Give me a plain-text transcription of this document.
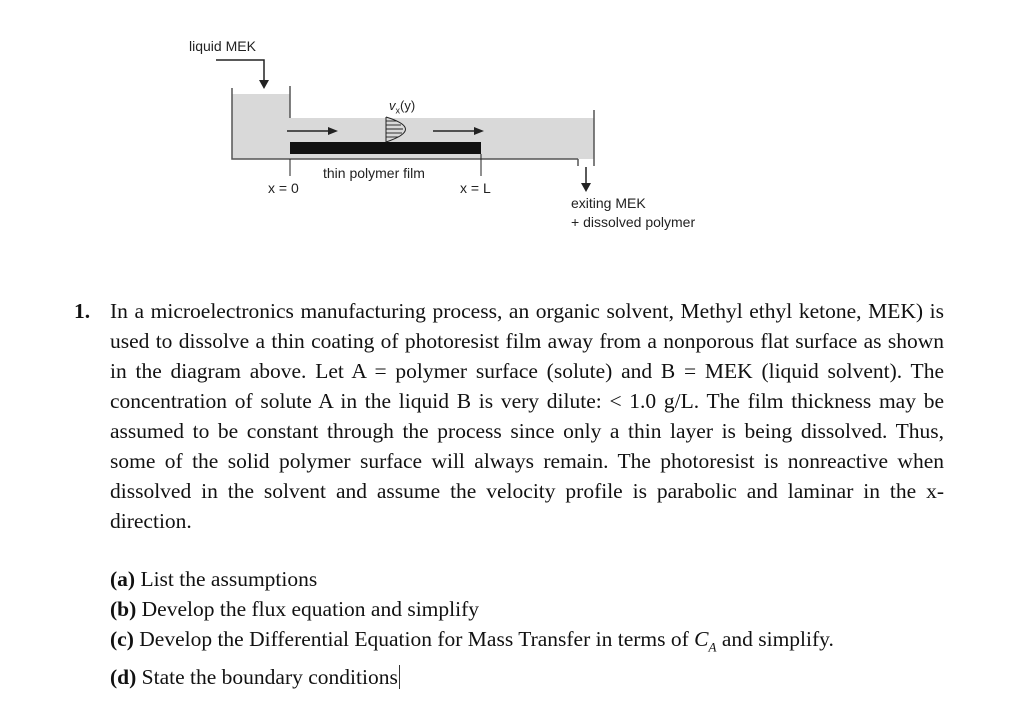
liquid MEK
$v_x(y)$
thin polymer film
x = 0	x = L
exiting MEK
+ dissolved polymer
1. In a microelectronics manufacturing process, an organic solvent, Methyl ethyl ketone, MEK) is used to dissolve a thin coating of photoresist film away from a nonporous flat surface as shown in the diagram above. Let A = polymer surface (solute) and B = MEK (liquid solvent). The concentration of solute A in the liquid B is very dilute: < 1.0 g/L. The film thickness may be assumed to be constant through the process since only a thin layer is being dissolved. Thus, some of the solid polymer surface will always remain. The photoresist is nonreactive when dissolved in the solvent and assume the velocity profile is parabolic and laminar in the x-direction.
(a) List the assumptions
(b) Develop the flux equation and simplify
(c) Develop the Differential Equation for Mass Transfer in terms of $C_A$ and simplify.
(d) State the boundary conditions
